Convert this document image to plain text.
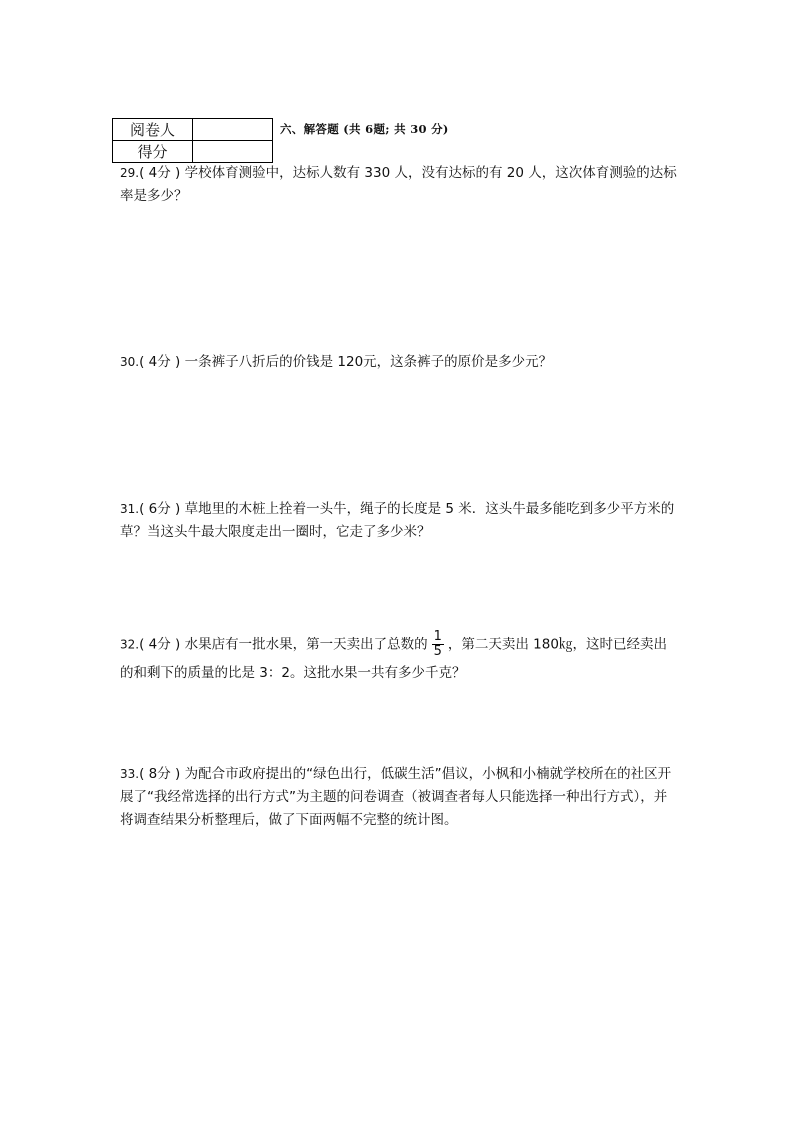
阅卷人	
得分	
六、解答题 (共 6题; 共 30 分)
29.( 4分 ) 学校体育测验中，达标人数有 330 人，没有达标的有 20 人，这次体育测验的达标率是多少？
30.( 4分 ) 一条裤子八折后的价钱是 120元，这条裤子的原价是多少元？
31.( 6分 ) 草地里的木桩上拴着一头牛，绳子的长度是 5 米．这头牛最多能吃到多少平方米的草？当这头牛最大限度走出一圈时，它走了多少米？
32.( 4分 ) 水果店有一批水果，第一天卖出了总数的 $\frac{1}{5}$ ，第二天卖出 180㎏，这时已经卖出的和剩下的质量的比是 3：2。这批水果一共有多少千克？
33.( 8分 ) 为配合市政府提出的“绿色出行，低碳生活”倡议，小枫和小楠就学校所在的社区开展了“我经常选择的出行方式”为主题的问卷调查（被调查者每人只能选择一种出行方式），并将调查结果分析整理后，做了下面两幅不完整的统计图。
